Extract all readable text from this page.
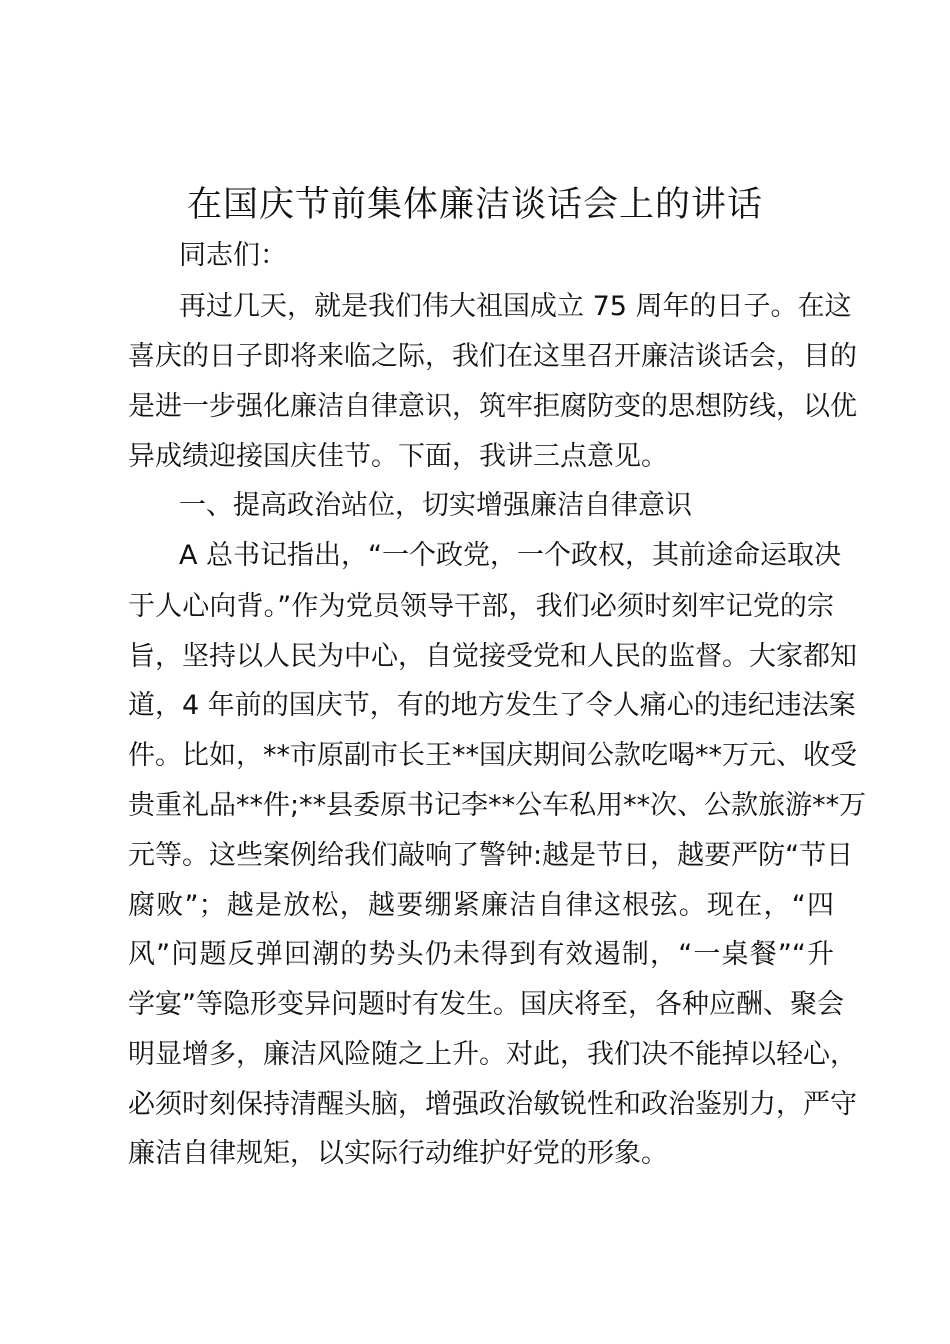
在国庆节前集体廉洁谈话会上的讲话
同志们：
再过几天，就是我们伟大祖国成立 75 周年的日子。在这
喜庆的日子即将来临之际，我们在这里召开廉洁谈话会，目的
是进一步强化廉洁自律意识，筑牢拒腐防变的思想防线，以优
异成绩迎接国庆佳节。下面，我讲三点意见。
一、提高政治站位，切实增强廉洁自律意识
A 总书记指出，“一个政党，一个政权，其前途命运取决
于人心向背。”作为党员领导干部，我们必须时刻牢记党的宗
旨，坚持以人民为中心，自觉接受党和人民的监督。大家都知
道，4 年前的国庆节，有的地方发生了令人痛心的违纪违法案
件。比如，**市原副市长王**国庆期间公款吃喝**万元、收受
贵重礼品**件;**县委原书记李**公车私用**次、公款旅游**万
元等。这些案例给我们敲响了警钟:越是节日，越要严防“节日
腐败”；越是放松，越要绷紧廉洁自律这根弦。现在，“四
风”问题反弹回潮的势头仍未得到有效遏制，“一桌餐”“升
学宴”等隐形变异问题时有发生。国庆将至，各种应酬、聚会
明显增多，廉洁风险随之上升。对此，我们决不能掉以轻心，
必须时刻保持清醒头脑，增强政治敏锐性和政治鉴别力，严守
廉洁自律规矩，以实际行动维护好党的形象。
